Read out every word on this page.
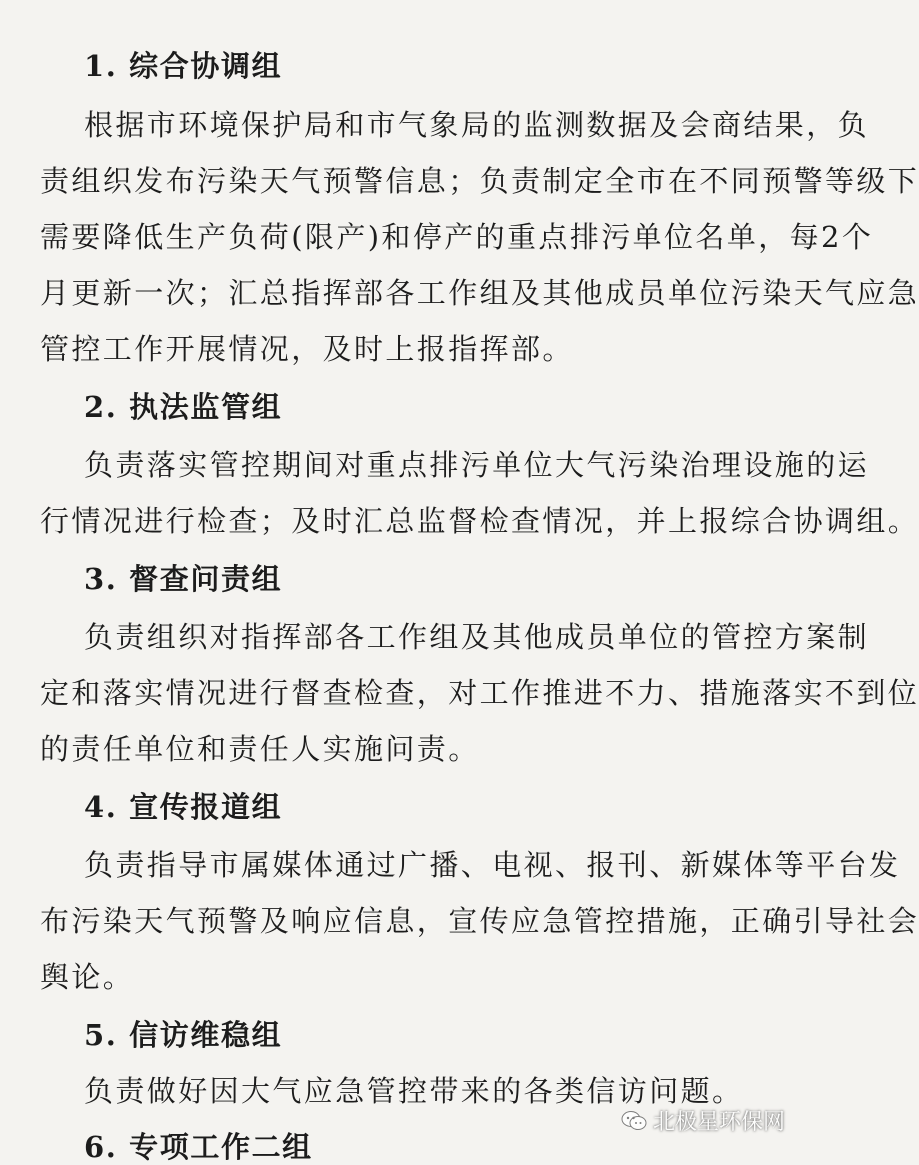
1. 综合协调组
根据市环境保护局和市气象局的监测数据及会商结果，负
责组织发布污染天气预警信息；负责制定全市在不同预警等级下
需要降低生产负荷(限产)和停产的重点排污单位名单，每2个
月更新一次；汇总指挥部各工作组及其他成员单位污染天气应急
管控工作开展情况，及时上报指挥部。
2. 执法监管组
负责落实管控期间对重点排污单位大气污染治理设施的运
行情况进行检查；及时汇总监督检查情况，并上报综合协调组。
3. 督查问责组
负责组织对指挥部各工作组及其他成员单位的管控方案制
定和落实情况进行督查检查，对工作推进不力、措施落实不到位
的责任单位和责任人实施问责。
4. 宣传报道组
负责指导市属媒体通过广播、电视、报刊、新媒体等平台发
布污染天气预警及响应信息，宣传应急管控措施，正确引导社会
舆论。
5. 信访维稳组
负责做好因大气应急管控带来的各类信访问题。
6. 专项工作二组
北极星环保网
